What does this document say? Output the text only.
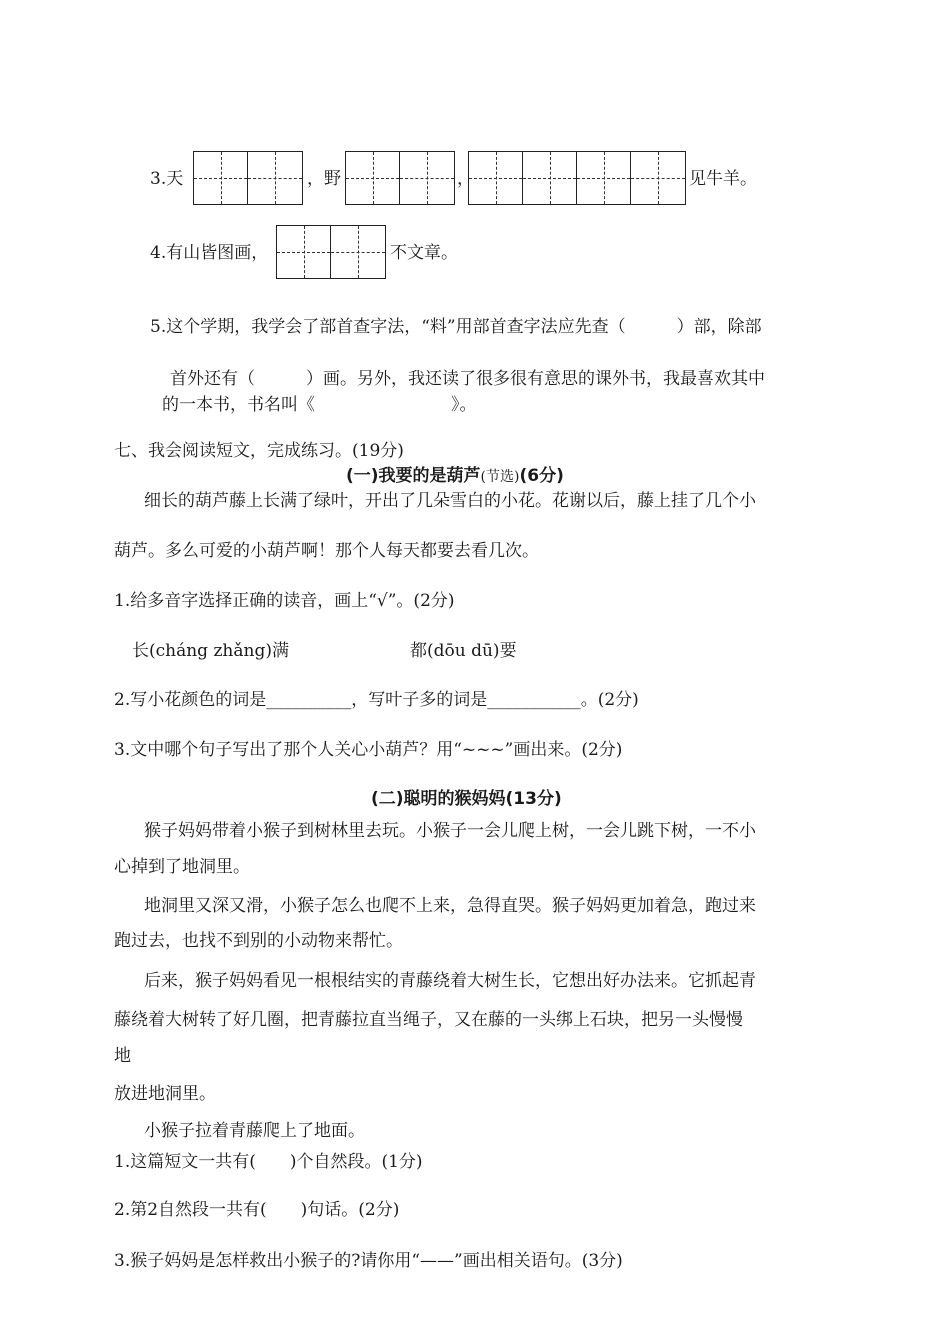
3.天	，野	，	见牛羊。
4.有山皆图画，	不文章。
5.这个学期，我学会了部首查字法，“料”用部首查字法应先查（　　　）部，除部
首外还有（　　　）画。另外，我还读了很多很有意思的课外书，我最喜欢其中
的一本书，书名叫《　　　　　　　　》。
七、我会阅读短文，完成练习。(19分)
(一)我要的是葫芦(节选)(6分)
细长的葫芦藤上长满了绿叶，开出了几朵雪白的小花。花谢以后，藤上挂了几个小
葫芦。多么可爱的小葫芦啊！那个人每天都要去看几次。
1.给多音字选择正确的读音，画上“√”。(2分)
长(cháng zhǎng)满	都(dōu dū)要
2.写小花颜色的词是__________，写叶子多的词是___________。(2分)
3.文中哪个句子写出了那个人关心小葫芦？用“~~~”画出来。(2分)
(二)聪明的猴妈妈(13分)
猴子妈妈带着小猴子到树林里去玩。小猴子一会儿爬上树，一会儿跳下树，一不小
心掉到了地洞里。
地洞里又深又滑，小猴子怎么也爬不上来，急得直哭。猴子妈妈更加着急，跑过来
跑过去，也找不到别的小动物来帮忙。
后来，猴子妈妈看见一根根结实的青藤绕着大树生长，它想出好办法来。它抓起青
藤绕着大树转了好几圈，把青藤拉直当绳子，又在藤的一头绑上石块，把另一头慢慢
地
放进地洞里。
小猴子拉着青藤爬上了地面。
1.这篇短文一共有(　　)个自然段。(1分)
2.第2自然段一共有(　　)句话。(2分)
3.猴子妈妈是怎样救出小猴子的?请你用“——”画出相关语句。(3分)
